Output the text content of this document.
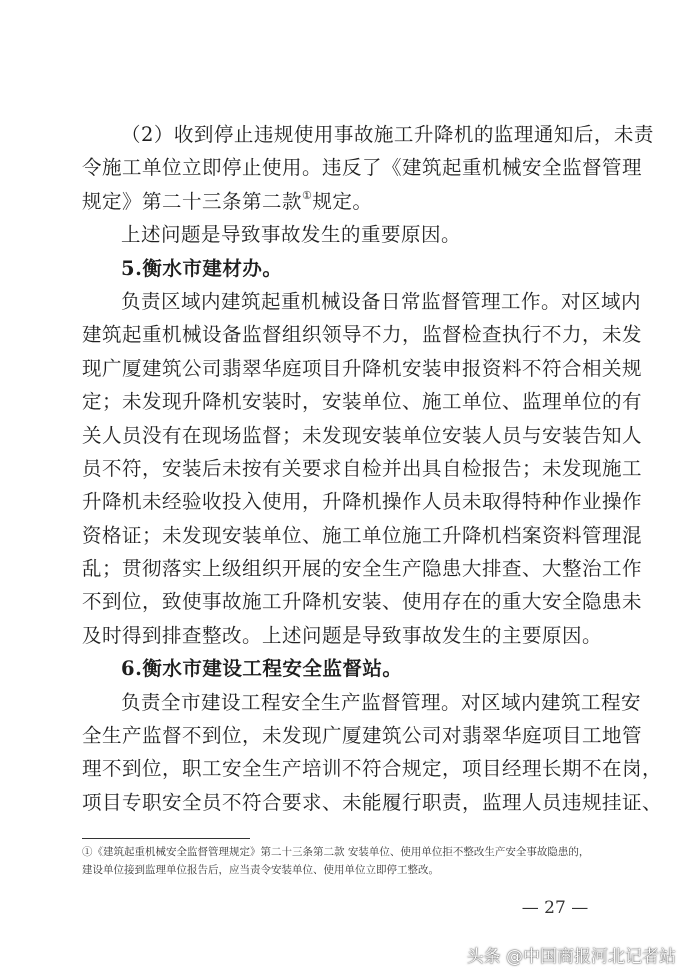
（2）收到停止违规使用事故施工升降机的监理通知后，未责
令施工单位立即停止使用。违反了《建筑起重机械安全监督管理
规定》第二十三条第二款①规定。
上述问题是导致事故发生的重要原因。
5.衡水市建材办。
负责区域内建筑起重机械设备日常监督管理工作。对区域内
建筑起重机械设备监督组织领导不力，监督检查执行不力，未发
现广厦建筑公司翡翠华庭项目升降机安装申报资料不符合相关规
定；未发现升降机安装时，安装单位、施工单位、监理单位的有
关人员没有在现场监督；未发现安装单位安装人员与安装告知人
员不符，安装后未按有关要求自检并出具自检报告；未发现施工
升降机未经验收投入使用，升降机操作人员未取得特种作业操作
资格证；未发现安装单位、施工单位施工升降机档案资料管理混
乱；贯彻落实上级组织开展的安全生产隐患大排查、大整治工作
不到位，致使事故施工升降机安装、使用存在的重大安全隐患未
及时得到排查整改。上述问题是导致事故发生的主要原因。
6.衡水市建设工程安全监督站。
负责全市建设工程安全生产监督管理。对区域内建筑工程安
全生产监督不到位，未发现广厦建筑公司对翡翠华庭项目工地管
理不到位，职工安全生产培训不符合规定，项目经理长期不在岗，
项目专职安全员不符合要求、未能履行职责，监理人员违规挂证、
①《建筑起重机械安全监督管理规定》第二十三条第二款 安装单位、使用单位拒不整改生产安全事故隐患的，
建设单位接到监理单位报告后，应当责令安装单位、使用单位立即停工整改。
— 27 —
头条 @中国商报河北记者站
